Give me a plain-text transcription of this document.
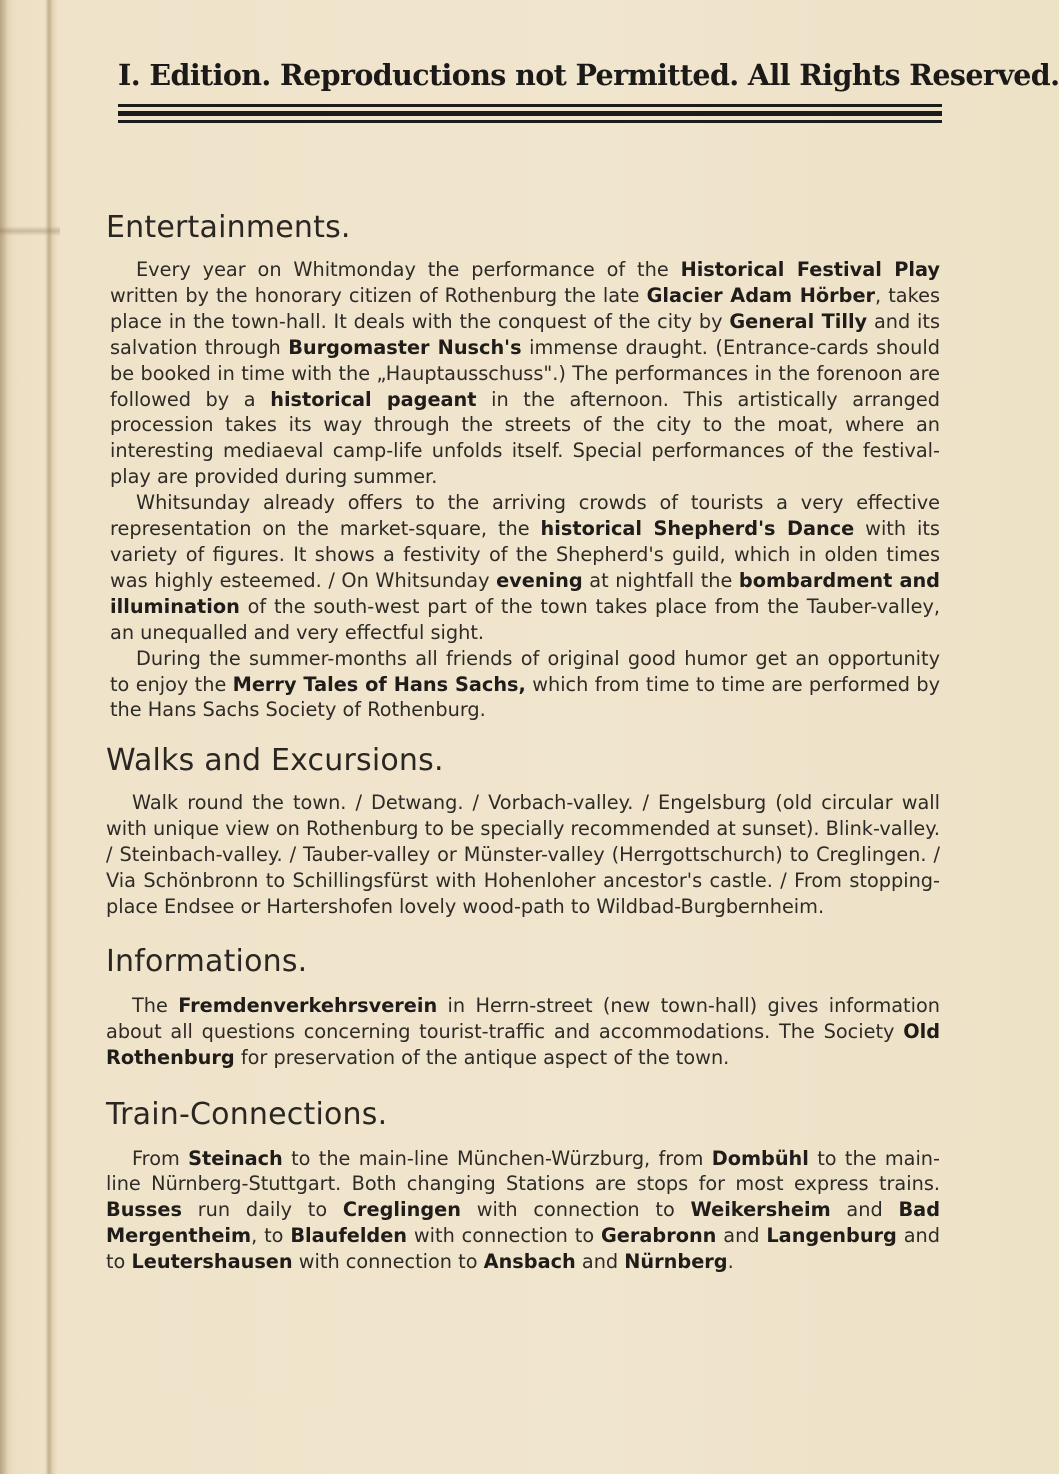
I. Edition. Reproductions not Permitted. All Rights Reserved.
Entertainments.

Every year on Whitmonday the performance of the Historical Festival Play written by the honorary citizen of Rothenburg the late Glacier Adam Hörber, takes place in the town-hall. It deals with the conquest of the city by General Tilly and its salvation through Burgomaster Nusch's immense draught. (Entrance-cards should be booked in time with the „Hauptausschuss".) The performances in the forenoon are followed by a historical pageant in the afternoon. This artistically arranged procession takes its way through the streets of the city to the moat, where an interesting mediaeval camp-life unfolds itself. Special performances of the festival-play are provided during summer.

Whitsunday already offers to the arriving crowds of tourists a very effective representation on the market-square, the historical Shepherd's Dance with its variety of figures. It shows a festivity of the Shepherd's guild, which in olden times was highly esteemed. / On Whitsunday evening at nightfall the bombardment and illumination of the south-west part of the town takes place from the Tauber-valley, an unequalled and very effectful sight.

During the summer-months all friends of original good humor get an opportunity to enjoy the Merry Tales of Hans Sachs, which from time to time are performed by the Hans Sachs Society of Rothenburg.

Walks and Excursions.

Walk round the town. / Detwang. / Vorbach-valley. / Engelsburg (old circular wall with unique view on Rothenburg to be specially recommended at sunset). Blink-valley. / Steinbach-valley. / Tauber-valley or Münster-valley (Herrgottschurch) to Creglingen. / Via Schönbronn to Schillingsfürst with Hohenloher ancestor's castle. / From stopping-place Endsee or Hartershofen lovely wood-path to Wildbad-Burgbernheim.

Informations.

The Fremdenverkehrsverein in Herrn-street (new town-hall) gives information about all questions concerning tourist-traffic and accommodations. The Society Old Rothenburg for preservation of the antique aspect of the town.

Train-Connections.

From Steinach to the main-line München-Würzburg, from Dombühl to the main-line Nürnberg-Stuttgart. Both changing Stations are stops for most express trains. Busses run daily to Creglingen with connection to Weikersheim and Bad Mergentheim, to Blaufelden with connection to Gerabronn and Langenburg and to Leutershausen with connection to Ansbach and Nürnberg.
